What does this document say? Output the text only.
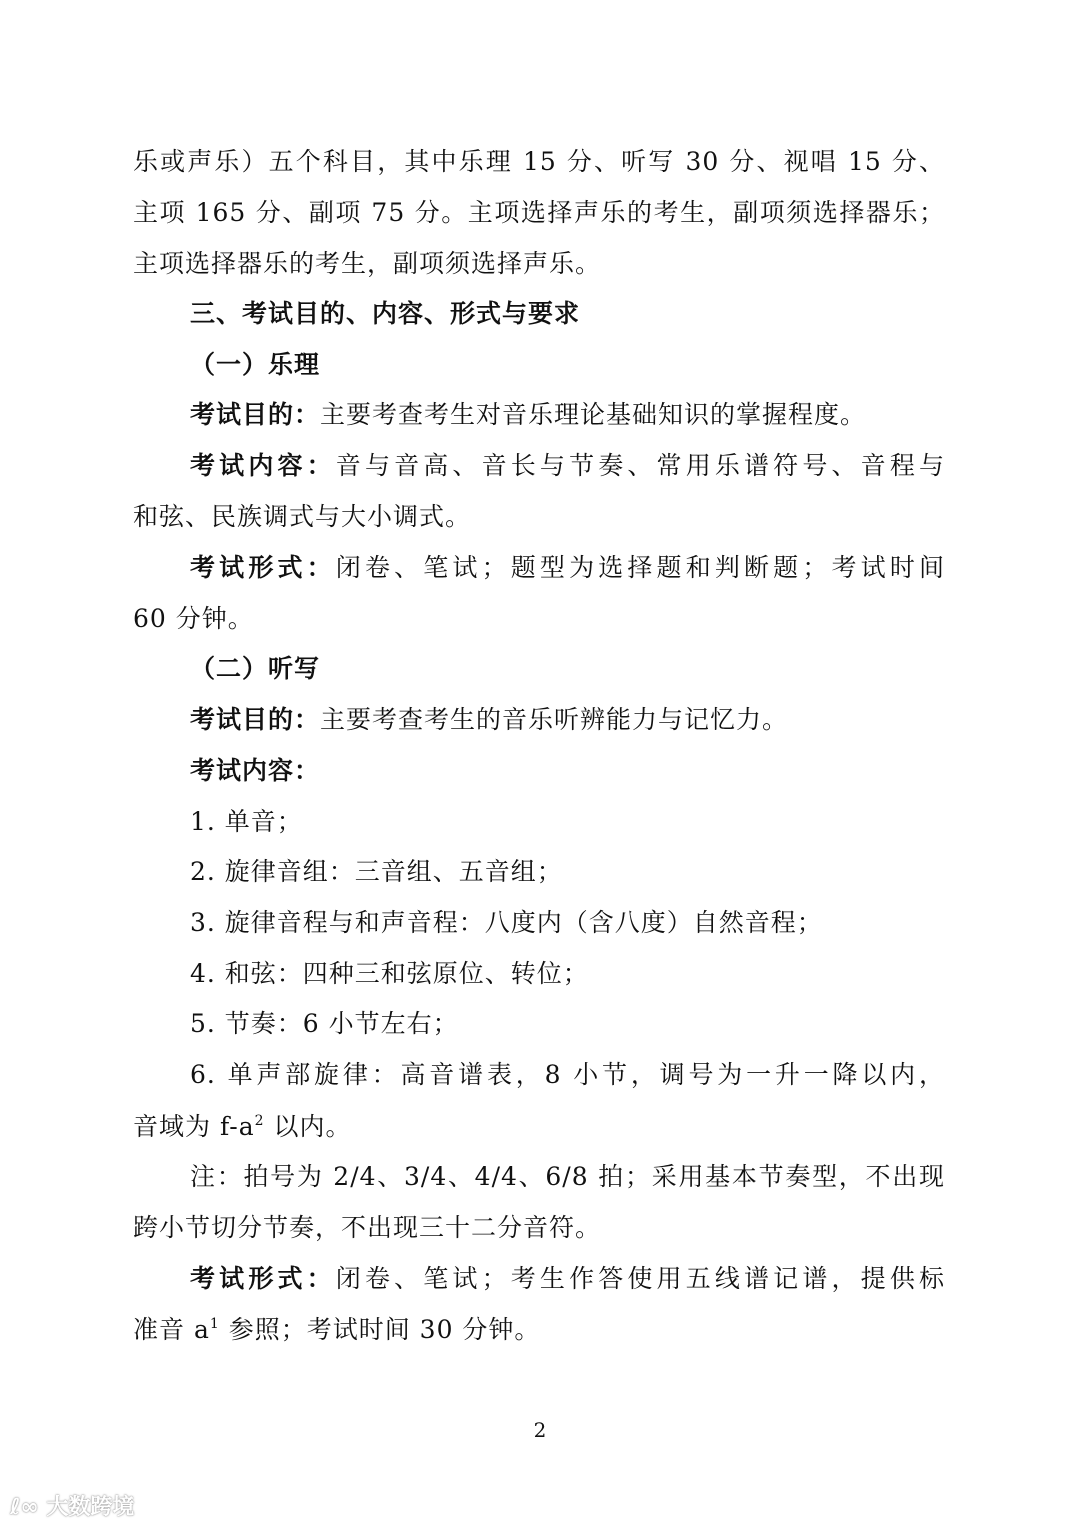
乐或声乐）五个科目，其中乐理 15 分、听写 30 分、视唱 15 分、
主项 165 分、副项 75 分。主项选择声乐的考生，副项须选择器乐；
主项选择器乐的考生，副项须选择声乐。
三、考试目的、内容、形式与要求
（一）乐理
考试目的：主要考查考生对音乐理论基础知识的掌握程度。
考试内容：音与音高、音长与节奏、常用乐谱符号、音程与
和弦、民族调式与大小调式。
考试形式：闭卷、笔试；题型为选择题和判断题；考试时间
60 分钟。
（二）听写
考试目的：主要考查考生的音乐听辨能力与记忆力。
考试内容：
1. 单音；
2. 旋律音组：三音组、五音组；
3. 旋律音程与和声音程：八度内（含八度）自然音程；
4. 和弦：四种三和弦原位、转位；
5. 节奏：6 小节左右；
6. 单声部旋律：高音谱表，8 小节，调号为一升一降以内，
音域为 $f-a^2$ 以内。
注：拍号为 2/4、3/4、4/4、6/8 拍；采用基本节奏型，不出现
跨小节切分节奏，不出现三十二分音符。
考试形式：闭卷、笔试；考生作答使用五线谱记谱，提供标
准音 $a^1$ 参照；考试时间 30 分钟。
2
ℓ∞ 大数跨境
